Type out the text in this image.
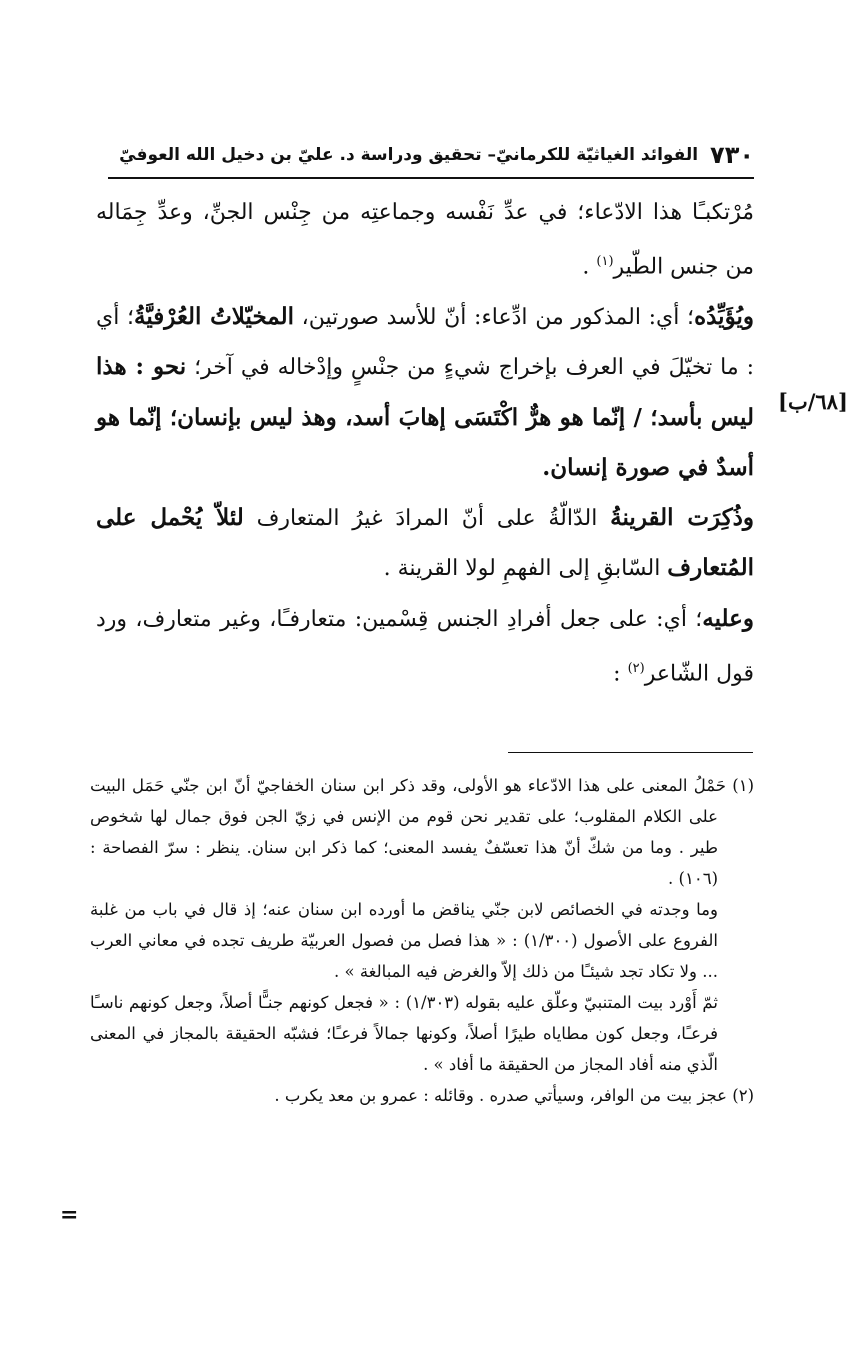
٧٣٠
الفوائد الغياثيّة للكرمانيّ– تحقيق ودراسة د. عليّ بن دخيل الله العوفيّ

مُرْتكبـًا هذا الادّعاء؛ في عدِّ نَفْسه وجماعتِه من جِنْس الجنِّ، وعدِّ جِمَاله من جنس الطّير$^{(١)}$ .

ويُؤَيِّدُه؛ أي: المذكور من ادِّعاء: أنّ للأسد صورتين، المخيّلاتُ العُرْفيَّةُ؛ أي : ما تخيّلَ في العرف بإخراج شيءٍ من جنْسٍ وإدْخاله في آخر؛ نحو : هذا ليس بأسد؛ / إنّما هو هرٌّ اكْتَسَى إهابَ أسد، وهذ ليس بإنسان؛ إنّما هو أسدٌ في صورة إنسان.

وذُكِرَت القرينةُ الدّالّةُ على أنّ المرادَ غيرُ المتعارف لئلاّ يُحْمل على المُتعارف السّابقِ إلى الفهمِ لولا القرينة .

وعليه؛ أي: على جعل أفرادِ الجنس قِسْمين: متعارفـًا، وغير متعارف، ورد قول الشّاعر$^{(٢)}$ :

[٦٨/ب]

(١) حَمْلُ المعنى على هذا الادّعاء هو الأولى، وقد ذكر ابن سنان الخفاجيّ أنّ ابن جنّي حَمَل البيت على الكلام المقلوب؛ على تقدير نحن قوم من الإنس في زيّ الجن فوق جمال لها شخوص طير . وما من شكّ أنّ هذا تعسّفٌ يفسد المعنى؛ كما ذكر ابن سنان. ينظر : سرّ الفصاحة : (١٠٦) .

وما وجدته في الخصائص لابن جنّي يناقض ما أورده ابن سنان عنه؛ إذ قال في باب من غلبة الفروع على الأصول (١/٣٠٠) : « هذا فصل من فصول العربيّة طريف تجده في معاني العرب ... ولا تكاد تجد شيئـًا من ذلك إلاّ والغرض فيه المبالغة » .

ثمّ أَوْرد بيت المتنبيّ وعلّق عليه بقوله (١/٣٠٣) : « فجعل كونهم جنـًّا أصلاً، وجعل كونهم ناسـًا فرعـًا، وجعل كون مطاياه طيرًا أصلاً، وكونها جمالاً فرعـًا؛ فشبّه الحقيقة بالمجاز في المعنى الّذي منه أفاد المجاز من الحقيقة ما أفاد » .

(٢) عجز بيت من الوافر، وسيأتي صدره . وقائله : عمرو بن معد يكرب .

=
